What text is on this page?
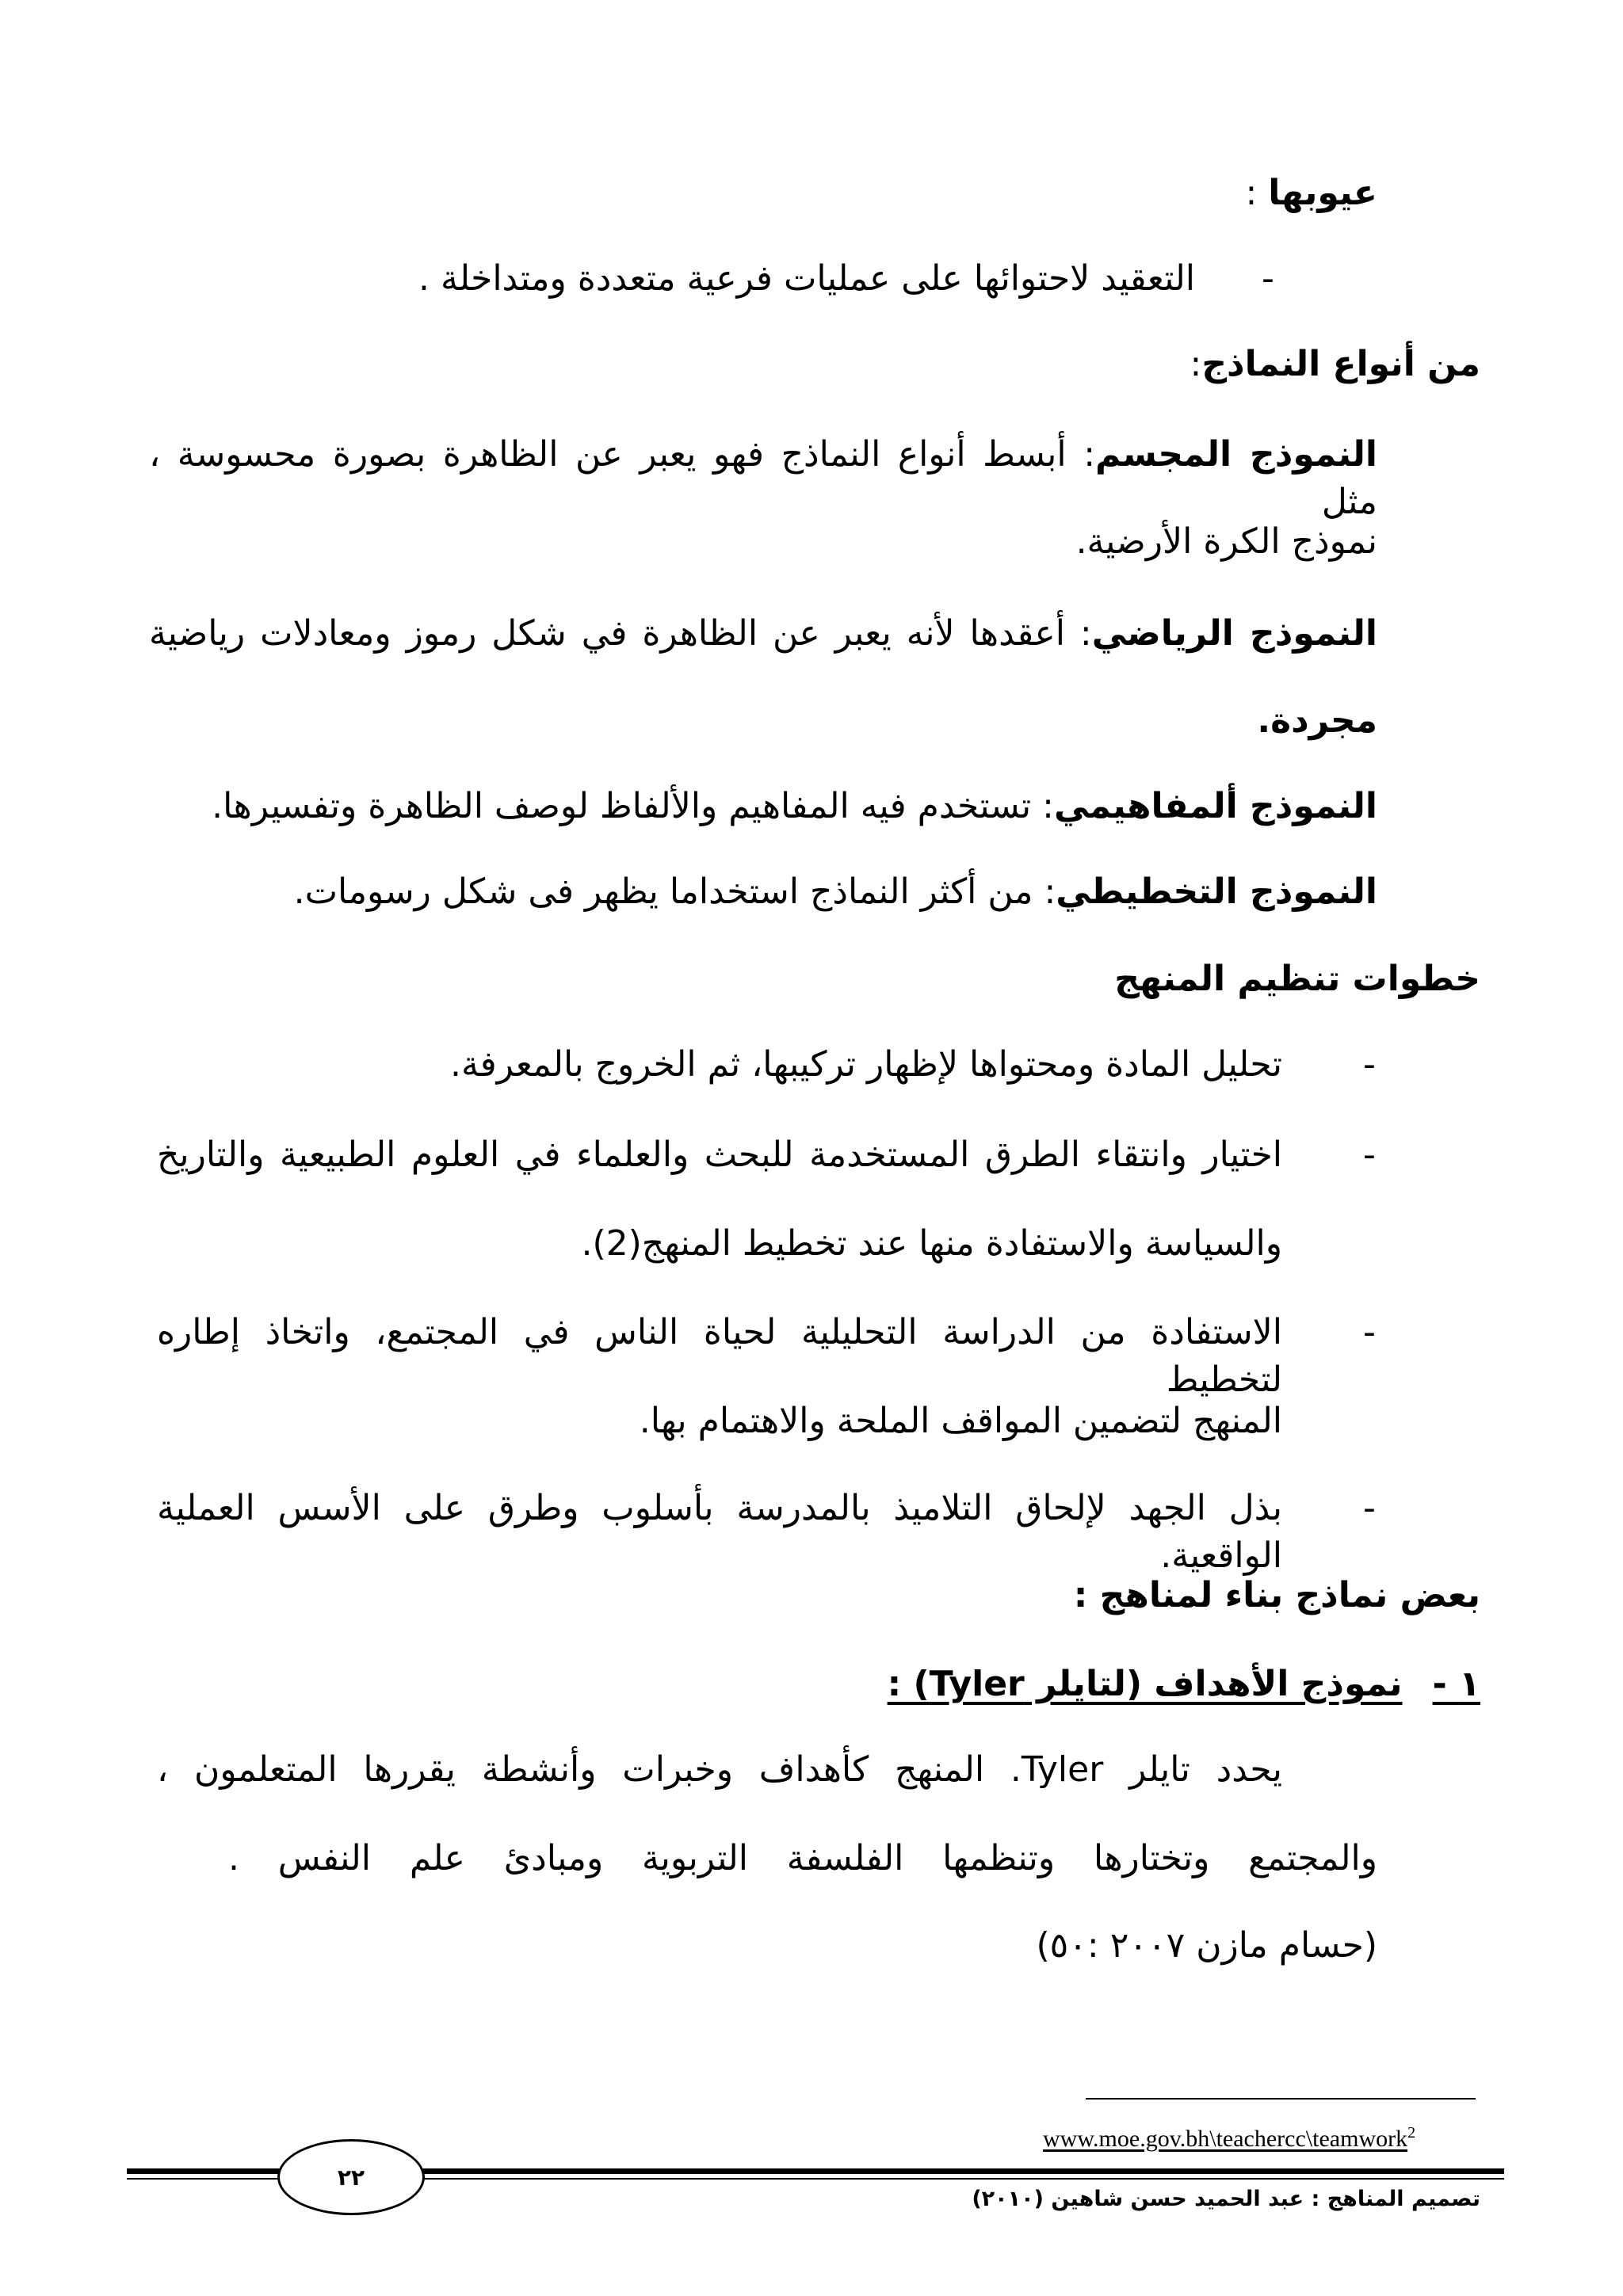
عيوبها :
-
التعقيد لاحتوائها على عمليات فرعية متعددة ومتداخلة .
من أنواع النماذج:
النموذج المجسم: أبسط أنواع النماذج فهو يعبر عن الظاهرة بصورة محسوسة ، مثل
نموذج الكرة الأرضية.
النموذج الرياضي: أعقدها لأنه يعبر عن الظاهرة في شكل رموز ومعادلات رياضية
مجردة.
النموذج ألمفاهيمي: تستخدم فيه المفاهيم والألفاظ لوصف الظاهرة وتفسيرها.
النموذج التخطيطي: من أكثر النماذج استخداما يظهر فى شكل رسومات.
خطوات تنظيم المنهج
-
تحليل المادة ومحتواها لإظهار تركيبها، ثم الخروج بالمعرفة.
-
اختيار وانتقاء الطرق المستخدمة للبحث والعلماء في العلوم الطبيعية والتاريخ
والسياسة والاستفادة منها عند تخطيط المنهج(2).
-
الاستفادة من الدراسة التحليلية لحياة الناس في المجتمع، واتخاذ إطاره لتخطيط
المنهج لتضمين المواقف الملحة والاهتمام بها.
-
بذل الجهد لإلحاق التلاميذ بالمدرسة بأسلوب وطرق على الأسس العملية الواقعية.
بعض نماذج بناء لمناهج :
١ -نموذج الأهداف (لتايلر Tyler) :
يحدد تايلر Tyler. المنهج كأهداف وخبرات وأنشطة يقررها المتعلمون ،
والمجتمع وتختارها وتنظمها الفلسفة التربوية ومبادئ علم النفس .
(حسام مازن ٢٠٠٧ :٥٠)
www.moe.gov.bh\teachercc\teamwork$^2$
٢٢
تصميم المناهج : عبد الحميد حسن شاهين (٢٠١٠)
